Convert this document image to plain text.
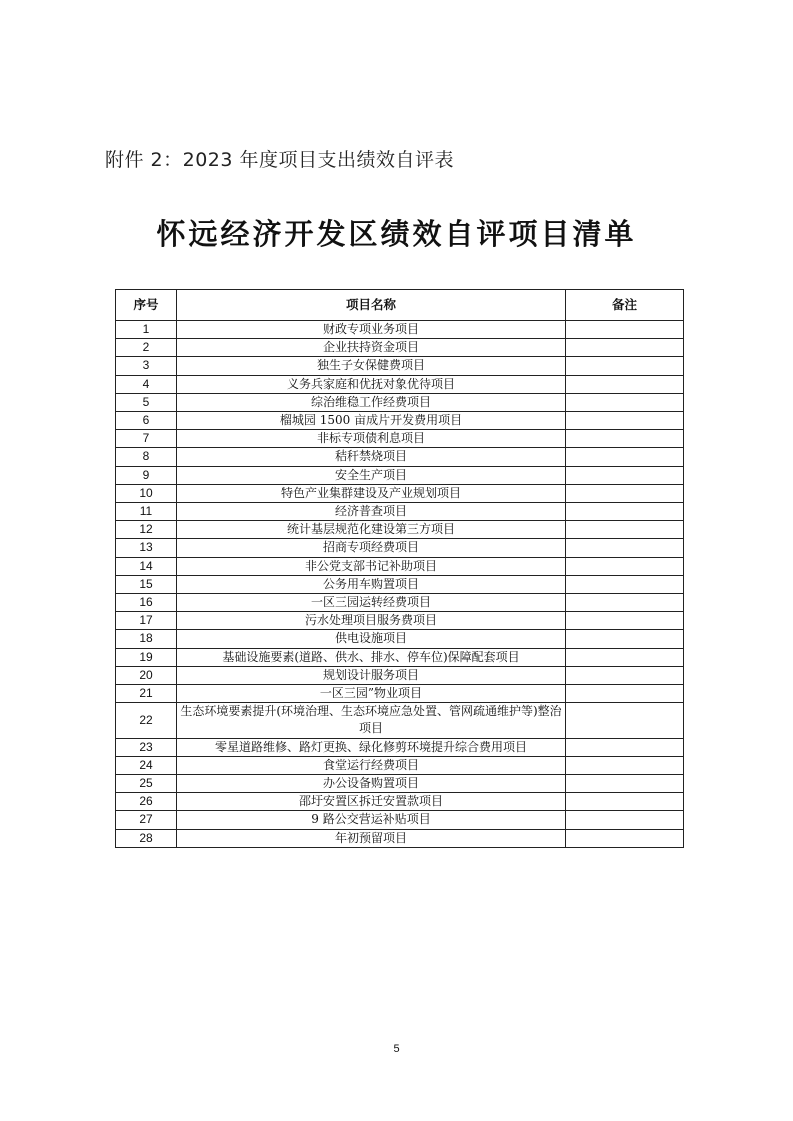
附件 2：2023 年度项目支出绩效自评表
怀远经济开发区绩效自评项目清单
序号	项目名称	备注
1	财政专项业务项目	
2	企业扶持资金项目	
3	独生子女保健费项目	
4	义务兵家庭和优抚对象优待项目	
5	综治维稳工作经费项目	
6	榴城园 1500 亩成片开发费用项目	
7	非标专项债利息项目	
8	秸秆禁烧项目	
9	安全生产项目	
10	特色产业集群建设及产业规划项目	
11	经济普查项目	
12	统计基层规范化建设第三方项目	
13	招商专项经费项目	
14	非公党支部书记补助项目	
15	公务用车购置项目	
16	一区三园运转经费项目	
17	污水处理项目服务费项目	
18	供电设施项目	
19	基础设施要素(道路、供水、排水、停车位)保障配套项目	
20	规划设计服务项目	
21	一区三园”物业项目	
22	生态环境要素提升(环境治理、生态环境应急处置、管网疏通维护等)整治项目	
23	零星道路维修、路灯更换、绿化修剪环境提升综合费用项目	
24	食堂运行经费项目	
25	办公设备购置项目	
26	邵圩安置区拆迁安置款项目	
27	9 路公交营运补贴项目	
28	年初预留项目	
5
